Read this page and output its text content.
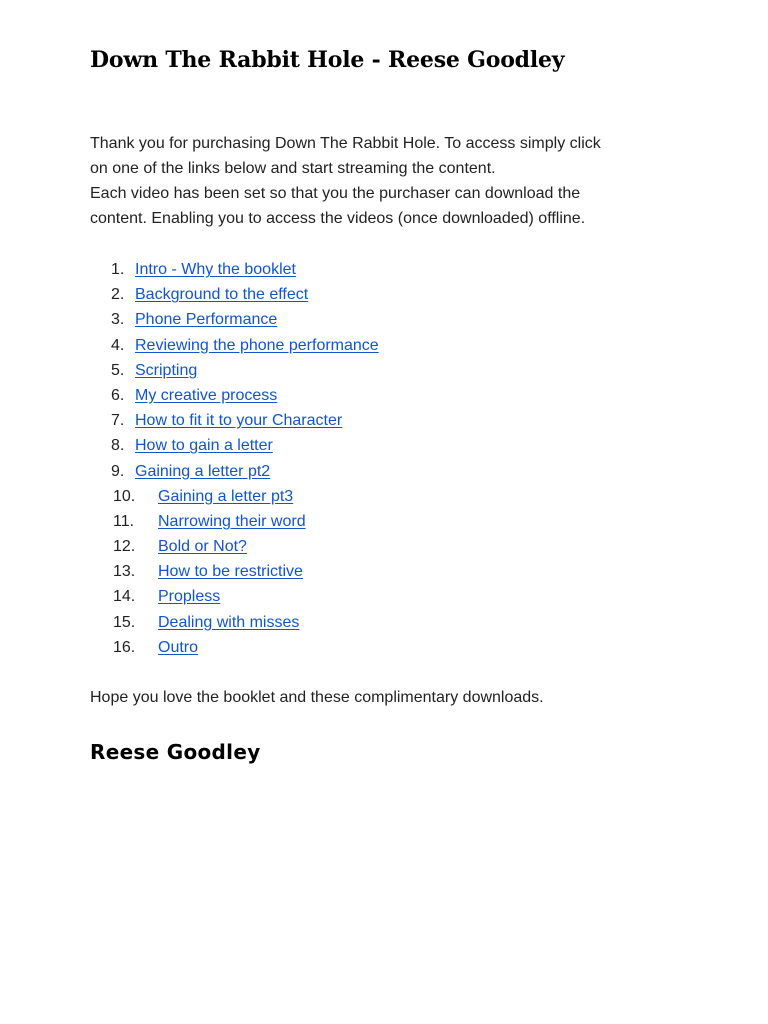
Down The Rabbit Hole - Reese Goodley

Thank you for purchasing Down The Rabbit Hole. To access simply click
on one of the links below and start streaming the content.
Each video has been set so that you the purchaser can download the
content. Enabling you to access the videos (once downloaded) offline.

1. Intro - Why the booklet
2. Background to the effect
3. Phone Performance
4. Reviewing the phone performance
5. Scripting
6. My creative process
7. How to fit it to your Character
8. How to gain a letter
9. Gaining a letter pt2
10. Gaining a letter pt3
11. Narrowing their word
12. Bold or Not?
13. How to be restrictive
14. Propless
15. Dealing with misses
16. Outro

Hope you love the booklet and these complimentary downloads.

Reese Goodley
